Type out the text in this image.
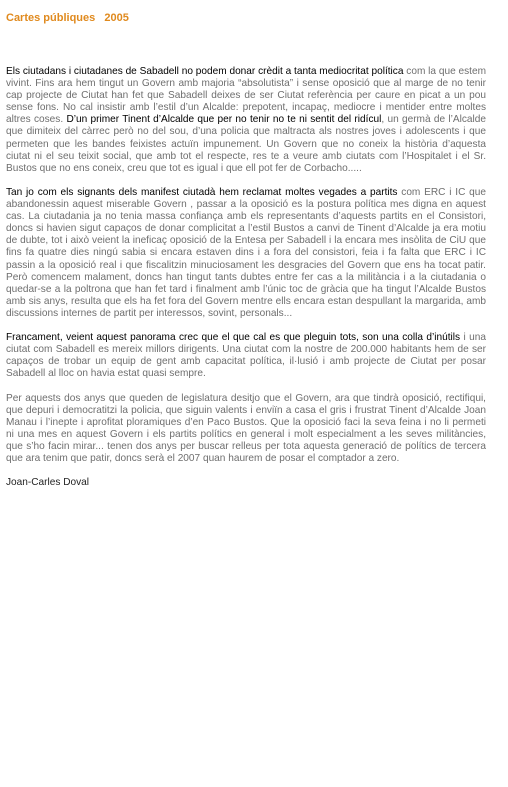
Cartes públiques 2005

Els ciutadans i ciutadanes de Sabadell no podem donar crèdit a tanta mediocritat política com la que estem vivint. Fins ara hem tingut un Govern amb majoria “absolutista” i sense oposició que al marge de no tenir cap projecte de Ciutat han fet que Sabadell deixes de ser Ciutat referència per caure en picat a un pou sense fons. No cal insistir amb l’estil d’un Alcalde: prepotent, incapaç, mediocre i mentider entre moltes altres coses. D’un primer Tinent d’Alcalde que per no tenir no te ni sentit del ridícul, un germà de l’Alcalde que dimiteix del càrrec però no del sou, d’una policia que maltracta als nostres joves i adolescents i que permeten que les bandes feixistes actuïn impunement. Un Govern que no coneix la història d’aquesta ciutat ni el seu teixit social, que amb tot el respecte, res te a veure amb ciutats com l’Hospitalet i el Sr. Bustos que no ens coneix, creu que tot es igual i que ell pot fer de Corbacho.....

Tan jo com els signants dels manifest ciutadà hem reclamat moltes vegades a partits com ERC i IC que abandonessin aquest miserable Govern , passar a la oposició es la postura política mes digna en aquest cas. La ciutadania ja no tenia massa confiança amb els representants d’aquests partits en el Consistori, doncs si havien sigut capaços de donar complicitat a l’estil Bustos a canvi de Tinent d’Alcalde ja era motiu de dubte, tot i això veient la ineficaç oposició de la Entesa per Sabadell i la encara mes insòlita de CiU que fins fa quatre dies ningú sabia si encara estaven dins i a fora del consistori, feia i fa falta que ERC i IC passin a la oposició real i que fiscalitzin minuciosament les desgracies del Govern que ens ha tocat patir. Però comencem malament, doncs han tingut tants dubtes entre fer cas a la militància i a la ciutadania o quedar-se a la poltrona que han fet tard i finalment amb l’únic toc de gràcia que ha tingut l’Alcalde Bustos amb sis anys, resulta que els ha fet fora del Govern mentre ells encara estan despullant la margarida, amb discussions internes de partit per interessos, sovint, personals...

Francament, veient aquest panorama crec que el que cal es que pleguin tots, son una colla d’inútils i una ciutat com Sabadell es mereix millors dirigents. Una ciutat com la nostre de 200.000 habitants hem de ser capaços de trobar un equip de gent amb capacitat política, il·lusió i amb projecte de Ciutat per posar Sabadell al lloc on havia estat quasi sempre.

Per aquests dos anys que queden de legislatura desitjo que el Govern, ara que tindrà oposició, rectifiqui, que depuri i democratitzi la policia, que siguin valents i enviïn a casa el gris i frustrat Tinent d’Alcalde Joan Manau i l’inepte i aprofitat ploramiques d’en Paco Bustos. Que la oposició faci la seva feina i no li permeti ni una mes en aquest Govern i els partits polítics en general i molt especialment a les seves militàncies, que s’ho facin mirar... tenen dos anys per buscar relleus per tota aquesta generació de polítics de tercera que ara tenim que patir, doncs serà el 2007 quan haurem de posar el comptador a zero.

Joan-Carles Doval
